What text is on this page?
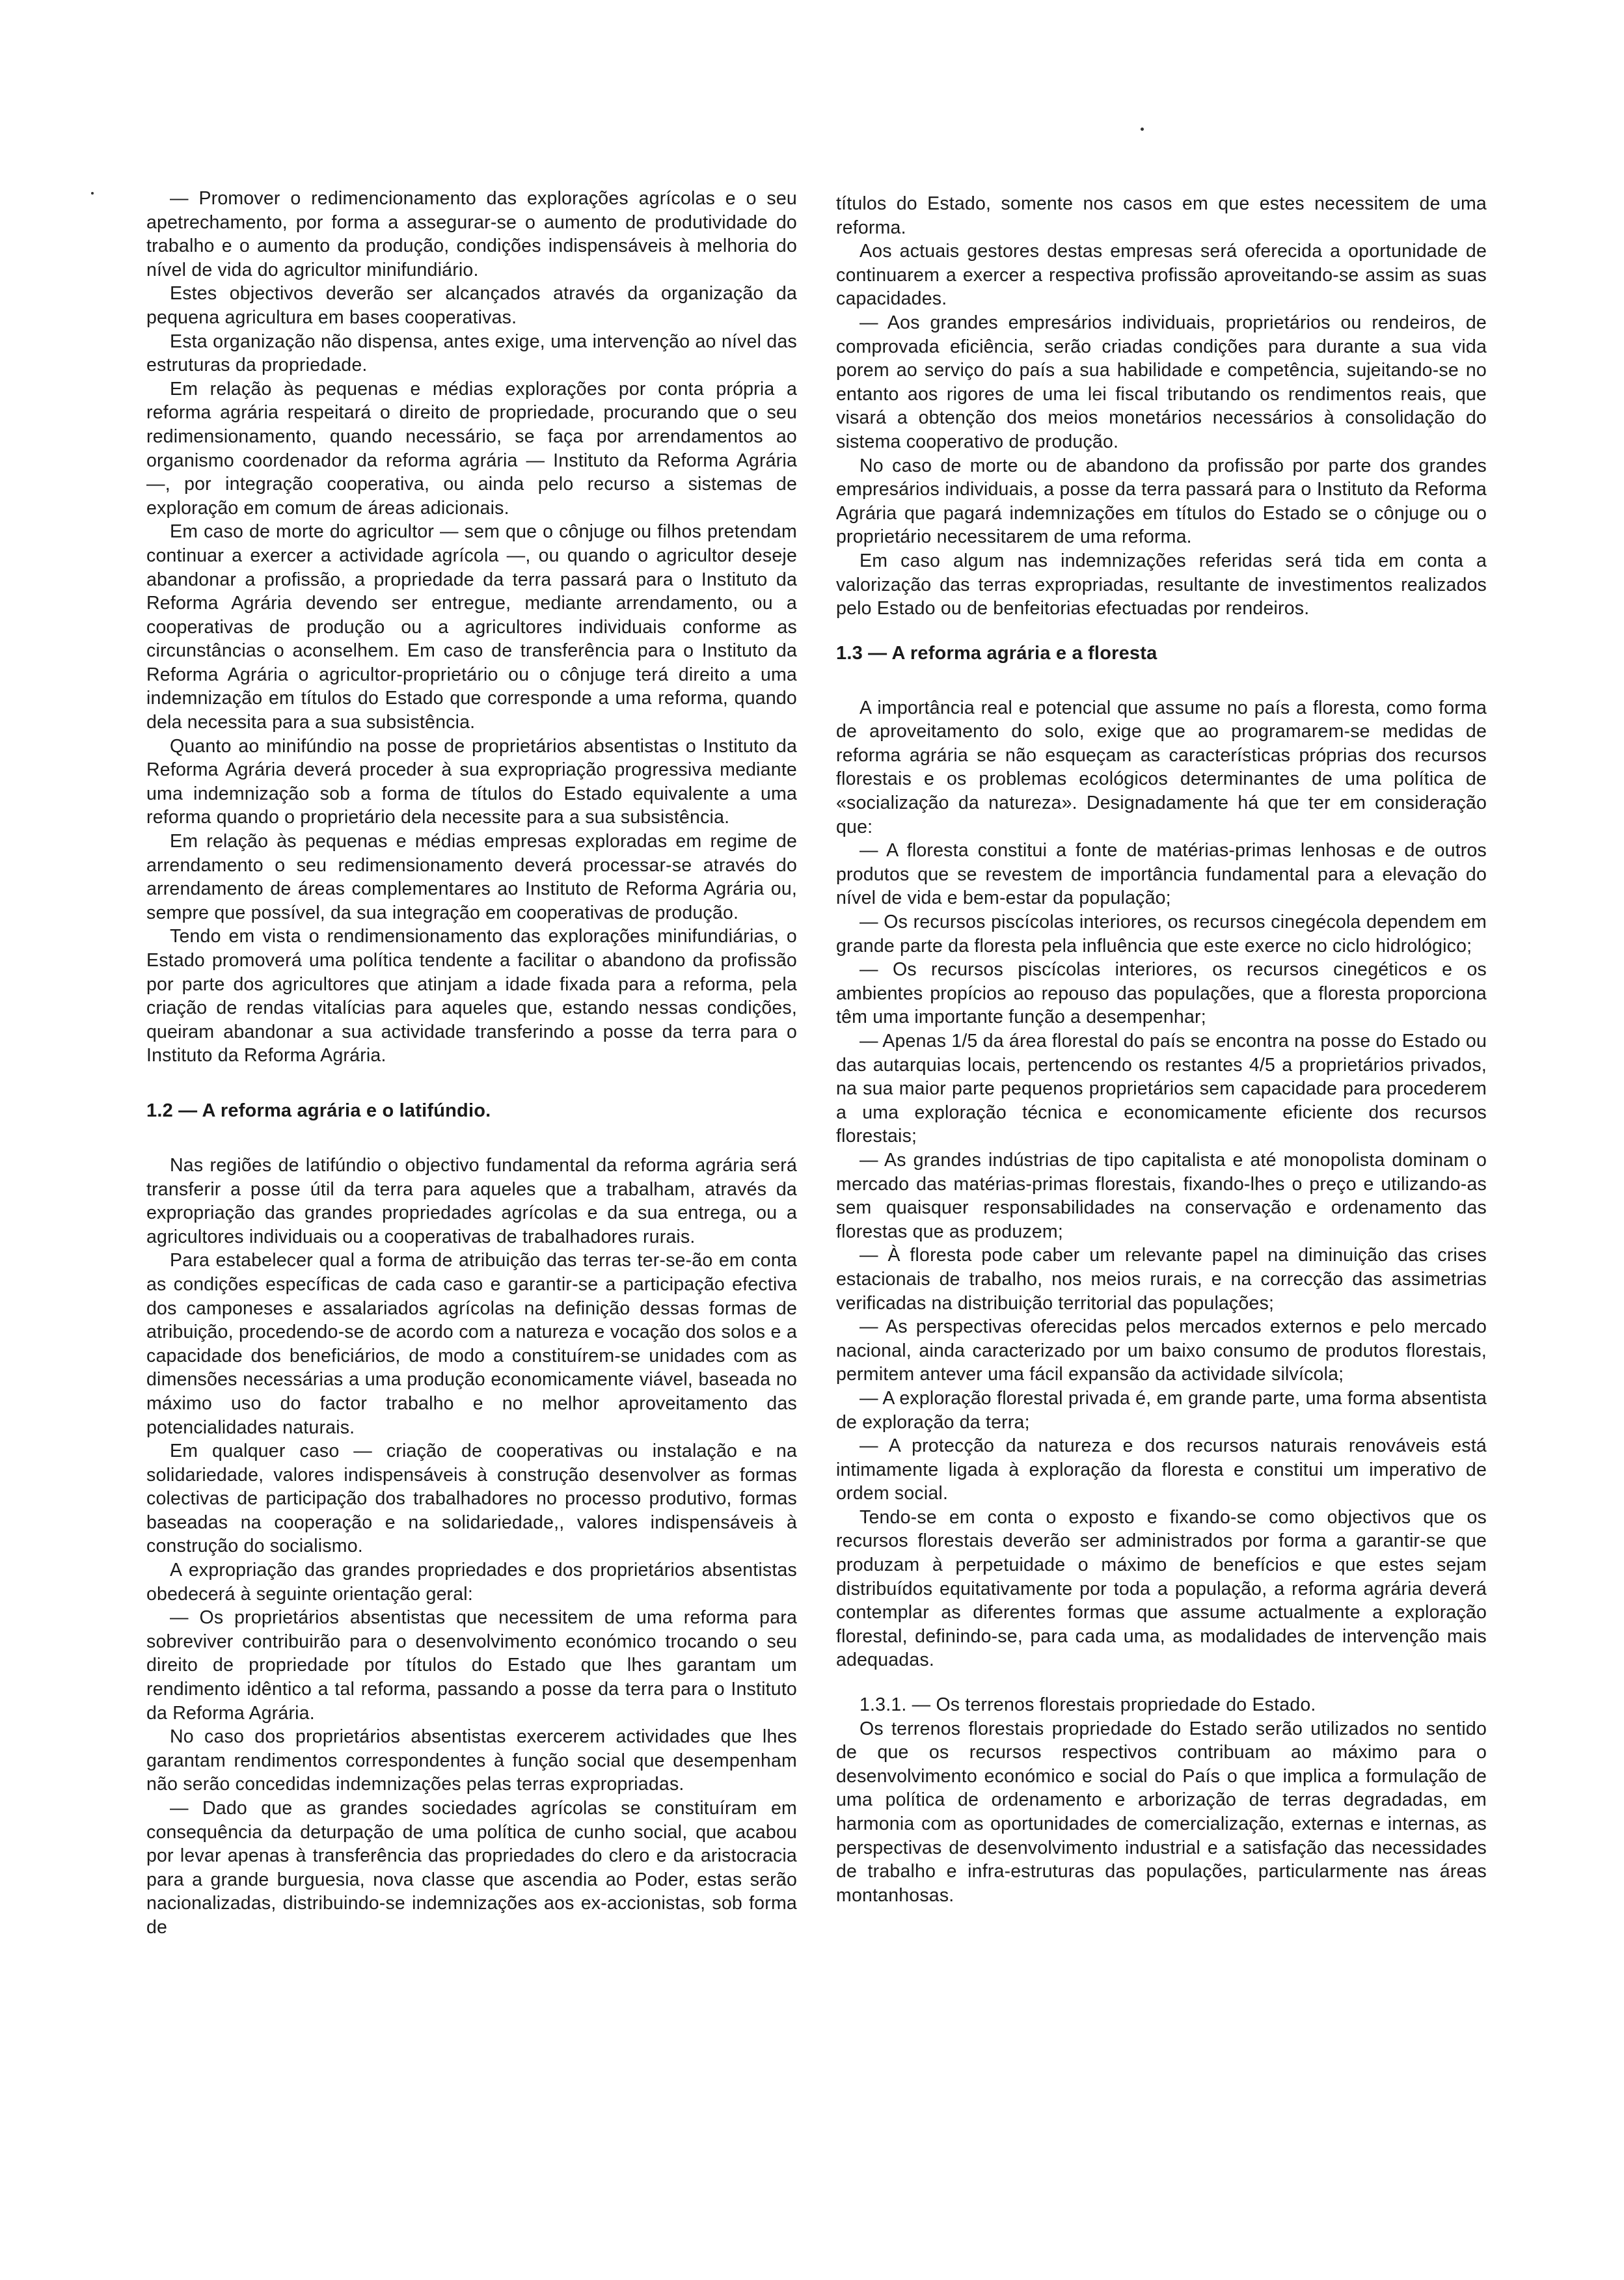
— Promover o redimencionamento das explorações agrícolas e o seu apetrechamento, por forma a assegurar-se o aumento de produtividade do trabalho e o aumento da produção, condições indispensáveis à melhoria do nível de vida do agricultor minifundiário.

Estes objectivos deverão ser alcançados através da organização da pequena agricultura em bases cooperativas.

Esta organização não dispensa, antes exige, uma intervenção ao nível das estruturas da propriedade.

Em relação às pequenas e médias explorações por conta própria a reforma agrária respeitará o direito de propriedade, procurando que o seu redimensionamento, quando necessário, se faça por arrendamentos ao organismo coordenador da reforma agrária — Instituto da Reforma Agrária —, por integração cooperativa, ou ainda pelo recurso a sistemas de exploração em comum de áreas adicionais.

Em caso de morte do agricultor — sem que o cônjuge ou filhos pretendam continuar a exercer a actividade agrícola —, ou quando o agricultor deseje abandonar a profissão, a propriedade da terra passará para o Instituto da Reforma Agrária devendo ser entregue, mediante arrendamento, ou a cooperativas de produção ou a agricultores individuais conforme as circunstâncias o aconselhem. Em caso de transferência para o Instituto da Reforma Agrária o agricultor-proprietário ou o cônjuge terá direito a uma indemnização em títulos do Estado que corresponde a uma reforma, quando dela necessita para a sua subsistência.

Quanto ao minifúndio na posse de proprietários absentistas o Instituto da Reforma Agrária deverá proceder à sua expropriação progressiva mediante uma indemnização sob a forma de títulos do Estado equivalente a uma reforma quando o proprietário dela necessite para a sua subsistência.

Em relação às pequenas e médias empresas exploradas em regime de arrendamento o seu redimensionamento deverá processar-se através do arrendamento de áreas complementares ao Instituto de Reforma Agrária ou, sempre que possível, da sua integração em cooperativas de produção.

Tendo em vista o rendimensionamento das explorações minifundiárias, o Estado promoverá uma política tendente a facilitar o abandono da profissão por parte dos agricultores que atinjam a idade fixada para a reforma, pela criação de rendas vitalícias para aqueles que, estando nessas condições, queiram abandonar a sua actividade transferindo a posse da terra para o Instituto da Reforma Agrária.

1.2 — A reforma agrária e o latifúndio.

Nas regiões de latifúndio o objectivo fundamental da reforma agrária será transferir a posse útil da terra para aqueles que a trabalham, através da expropriação das grandes propriedades agrícolas e da sua entrega, ou a agricultores individuais ou a cooperativas de trabalhadores rurais.

Para estabelecer qual a forma de atribuição das terras ter-se-ão em conta as condições específicas de cada caso e garantir-se a participação efectiva dos camponeses e assalariados agrícolas na definição dessas formas de atribuição, procedendo-se de acordo com a natureza e vocação dos solos e a capacidade dos beneficiários, de modo a constituírem-se unidades com as dimensões necessárias a uma produção economicamente viável, baseada no máximo uso do factor trabalho e no melhor aproveitamento das potencialidades naturais.

Em qualquer caso — criação de cooperativas ou instalação e na solidariedade, valores indispensáveis à construção desenvolver as formas colectivas de participação dos trabalhadores no processo produtivo, formas baseadas na cooperação e na solidariedade,, valores indispensáveis à construção do socialismo.

A expropriação das grandes propriedades e dos proprietários absentistas obedecerá à seguinte orientação geral:

— Os proprietários absentistas que necessitem de uma reforma para sobreviver contribuirão para o desenvolvimento económico trocando o seu direito de propriedade por títulos do Estado que lhes garantam um rendimento idêntico a tal reforma, passando a posse da terra para o Instituto da Reforma Agrária.

No caso dos proprietários absentistas exercerem actividades que lhes garantam rendimentos correspondentes à função social que desempenham não serão concedidas indemnizações pelas terras expropriadas.

— Dado que as grandes sociedades agrícolas se constituíram em consequência da deturpação de uma política de cunho social, que acabou por levar apenas à transferência das propriedades do clero e da aristocracia para a grande burguesia, nova classe que ascendia ao Poder, estas serão nacionalizadas, distribuindo-se indemnizações aos ex-accionistas, sob forma de

títulos do Estado, somente nos casos em que estes necessitem de uma reforma.

Aos actuais gestores destas empresas será oferecida a oportunidade de continuarem a exercer a respectiva profissão aproveitando-se assim as suas capacidades.

— Aos grandes empresários individuais, proprietários ou rendeiros, de comprovada eficiência, serão criadas condições para durante a sua vida porem ao serviço do país a sua habilidade e competência, sujeitando-se no entanto aos rigores de uma lei fiscal tributando os rendimentos reais, que visará a obtenção dos meios monetários necessários à consolidação do sistema cooperativo de produção.

No caso de morte ou de abandono da profissão por parte dos grandes empresários individuais, a posse da terra passará para o Instituto da Reforma Agrária que pagará indemnizações em títulos do Estado se o cônjuge ou o proprietário necessitarem de uma reforma.

Em caso algum nas indemnizações referidas será tida em conta a valorização das terras expropriadas, resultante de investimentos realizados pelo Estado ou de benfeitorias efectuadas por rendeiros.

1.3 — A reforma agrária e a floresta

A importância real e potencial que assume no país a floresta, como forma de aproveitamento do solo, exige que ao programarem-se medidas de reforma agrária se não esqueçam as características próprias dos recursos florestais e os problemas ecológicos determinantes de uma política de «socialização da natureza». Designadamente há que ter em consideração que:

— A floresta constitui a fonte de matérias-primas lenhosas e de outros produtos que se revestem de importância fundamental para a elevação do nível de vida e bem-estar da população;

— Os recursos piscícolas interiores, os recursos cinegécola dependem em grande parte da floresta pela influência que este exerce no ciclo hidrológico;

— Os recursos piscícolas interiores, os recursos cinegéticos e os ambientes propícios ao repouso das populações, que a floresta proporciona têm uma importante função a desempenhar;

— Apenas 1/5 da área florestal do país se encontra na posse do Estado ou das autarquias locais, pertencendo os restantes 4/5 a proprietários privados, na sua maior parte pequenos proprietários sem capacidade para procederem a uma exploração técnica e economicamente eficiente dos recursos florestais;

— As grandes indústrias de tipo capitalista e até monopolista dominam o mercado das matérias-primas florestais, fixando-lhes o preço e utilizando-as sem quaisquer responsabilidades na conservação e ordenamento das florestas que as produzem;

— À floresta pode caber um relevante papel na diminuição das crises estacionais de trabalho, nos meios rurais, e na correcção das assimetrias verificadas na distribuição territorial das populações;

— As perspectivas oferecidas pelos mercados externos e pelo mercado nacional, ainda caracterizado por um baixo consumo de produtos florestais, permitem antever uma fácil expansão da actividade silvícola;

— A exploração florestal privada é, em grande parte, uma forma absentista de exploração da terra;

— A protecção da natureza e dos recursos naturais renováveis está intimamente ligada à exploração da floresta e constitui um imperativo de ordem social.

Tendo-se em conta o exposto e fixando-se como objectivos que os recursos florestais deverão ser administrados por forma a garantir-se que produzam à perpetuidade o máximo de benefícios e que estes sejam distribuídos equitativamente por toda a população, a reforma agrária deverá contemplar as diferentes formas que assume actualmente a exploração florestal, definindo-se, para cada uma, as modalidades de intervenção mais adequadas.

1.3.1. — Os terrenos florestais propriedade do Estado.

Os terrenos florestais propriedade do Estado serão utilizados no sentido de que os recursos respectivos contribuam ao máximo para o desenvolvimento económico e social do País o que implica a formulação de uma política de ordenamento e arborização de terras degradadas, em harmonia com as oportunidades de comercialização, externas e internas, as perspectivas de desenvolvimento industrial e a satisfação das necessidades de trabalho e infra-estruturas das populações, particularmente nas áreas montanhosas.
